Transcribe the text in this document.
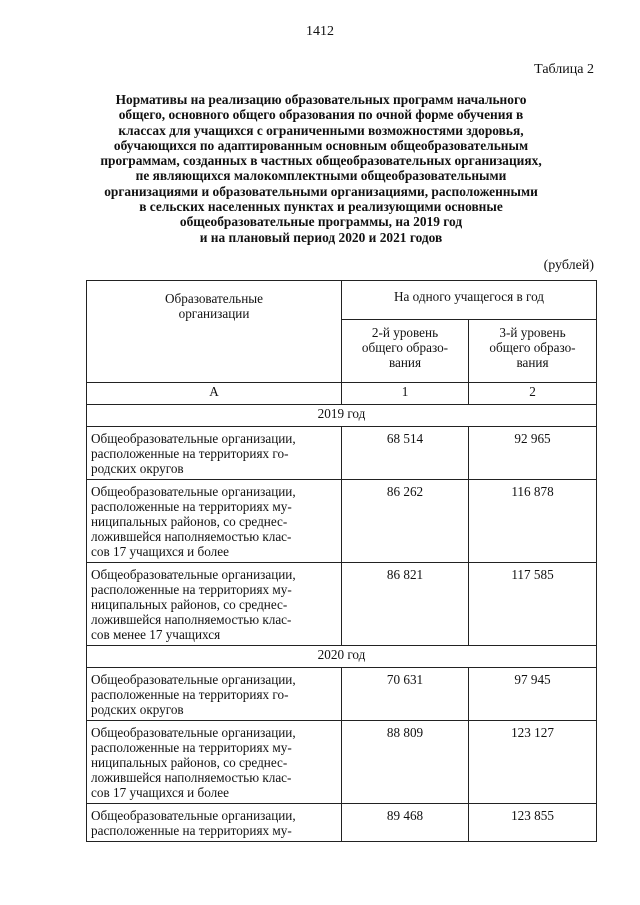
1412
Таблица 2
Нормативы на реализацию образовательных программ начального
общего, основного общего образования по очной форме обучения в
классах для учащихся с ограниченными возможностями здоровья,
обучающихся по адаптированным основным общеобразовательным
программам, созданных в частных общеобразовательных организациях,
пе являющихся малокомплектными общеобразовательными
организациями и образовательными организациями, расположенными
в сельских населенных пунктах и реализующими основные
общеобразовательные программы, на 2019 год
и на плановый период 2020 и 2021 годов
(рублей)
Образовательные
организации	На одного учащегося в год	
	2-й уровень
общего образо-
вания	3-й уровень
общего образо-
вания
А	1	2
2019 год		
Общеобразовательные организации,
расположенные на территориях го-
родских округов	68 514	92 965
Общеобразовательные организации,
расположенные на территориях му-
ниципальных районов, со среднес-
ложившейся наполняемостью клас-
сов 17 учащихся и более	86 262	116 878
Общеобразовательные организации,
расположенные на территориях му-
ниципальных районов, со среднес-
ложившейся наполняемостью клас-
сов менее 17 учащихся	86 821	117 585
2020 год		
Общеобразовательные организации,
расположенные на территориях го-
родских округов	70 631	97 945
Общеобразовательные организации,
расположенные на территориях му-
ниципальных районов, со среднес-
ложившейся наполняемостью клас-
сов 17 учащихся и более	88 809	123 127
Общеобразовательные организации,
расположенные на территориях му-	89 468	123 855
